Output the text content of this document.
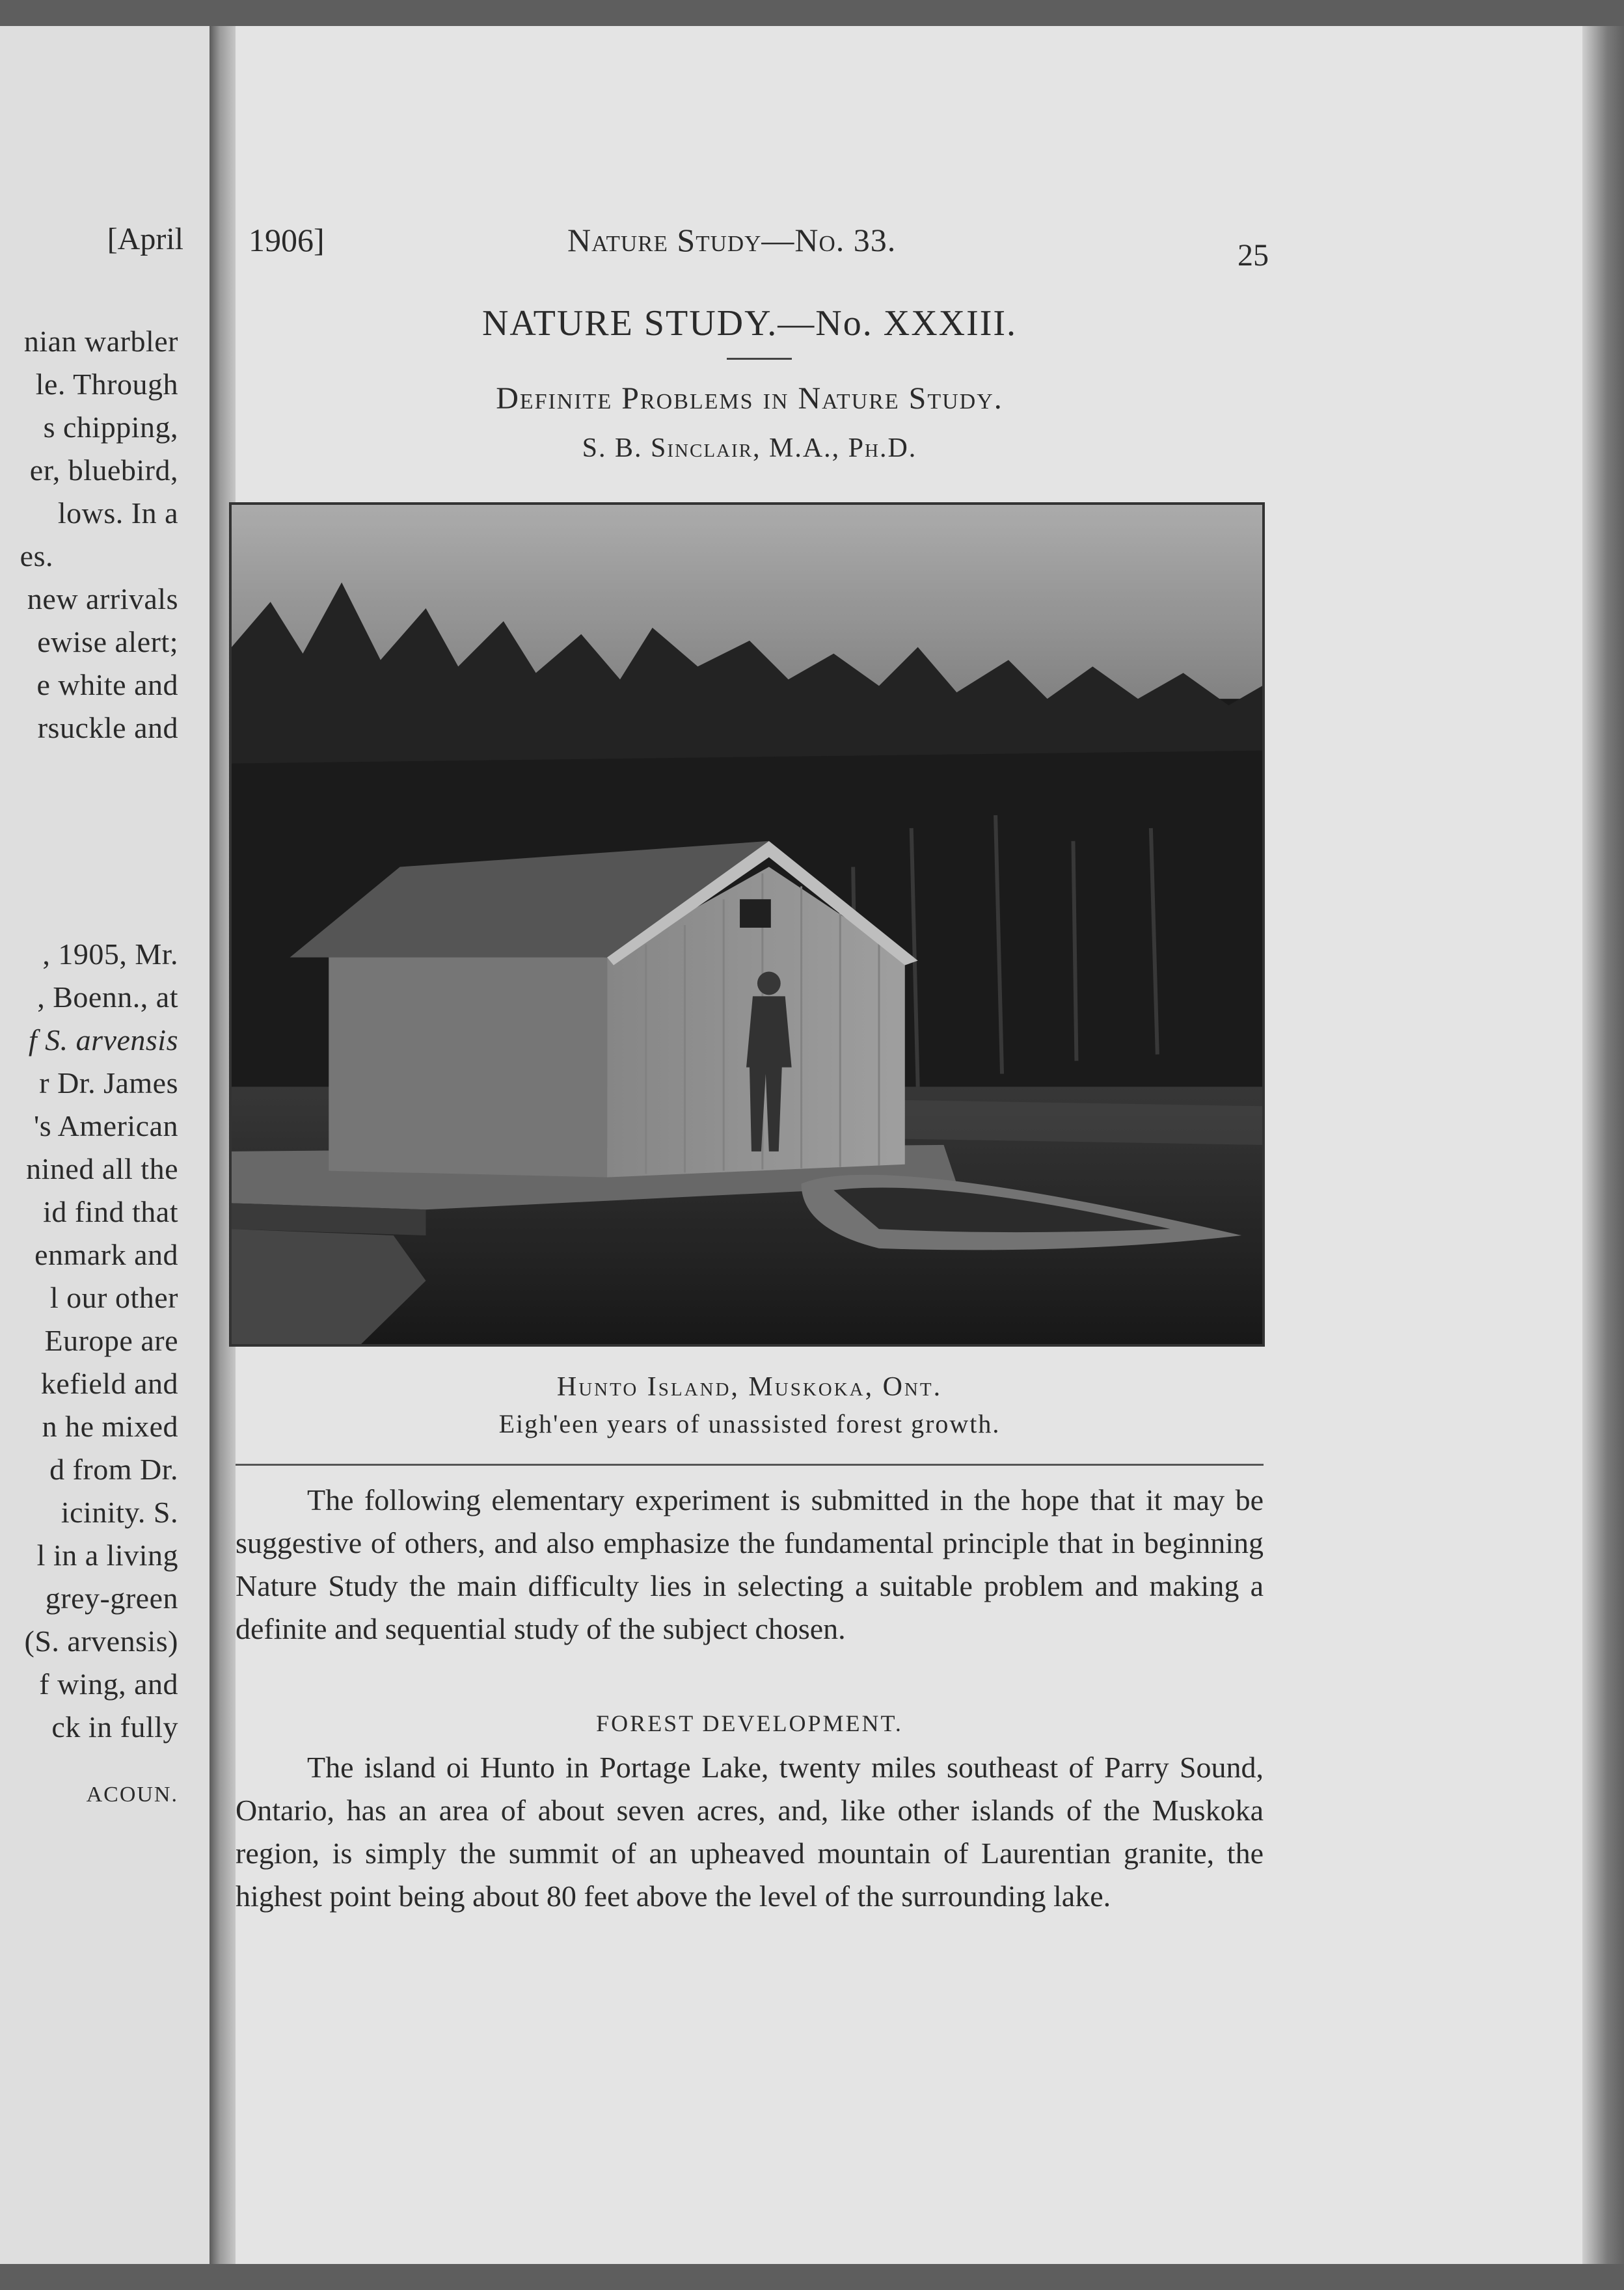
[April
nian warbler
le. Through
s chipping,
er, bluebird,
lows. In a
es.
new arrivals
ewise alert;
e white and
rsuckle and
, 1905, Mr.
, Boenn., at
f S. arvensis
r Dr. James
's American
nined all the
id find that
enmark and
l our other
Europe are
kefield and
n he mixed
d from Dr.
icinity. S.
l in a living
grey-green
(S. arvensis)
f wing, and
ck in fully
ACOUN.
1906]	Nature Study—No. 33.	25
NATURE STUDY.—No. XXXIII.
Definite Problems in Nature Study.
S. B. Sinclair, M.A., Ph.D.
Hunto Island, Muskoka, Ont.
Eigh'een years of unassisted forest growth.
The following elementary experiment is submitted in the hope that it may be suggestive of others, and also emphasize the fundamental principle that in beginning Nature Study the main difficulty lies in selecting a suitable problem and making a definite and sequential study of the subject chosen.
FOREST DEVELOPMENT.
The island oi Hunto in Portage Lake, twenty miles southeast of Parry Sound, Ontario, has an area of about seven acres, and, like other islands of the Muskoka region, is simply the summit of an upheaved mountain of Laurentian granite, the highest point being about 80 feet above the level of the surrounding lake.
